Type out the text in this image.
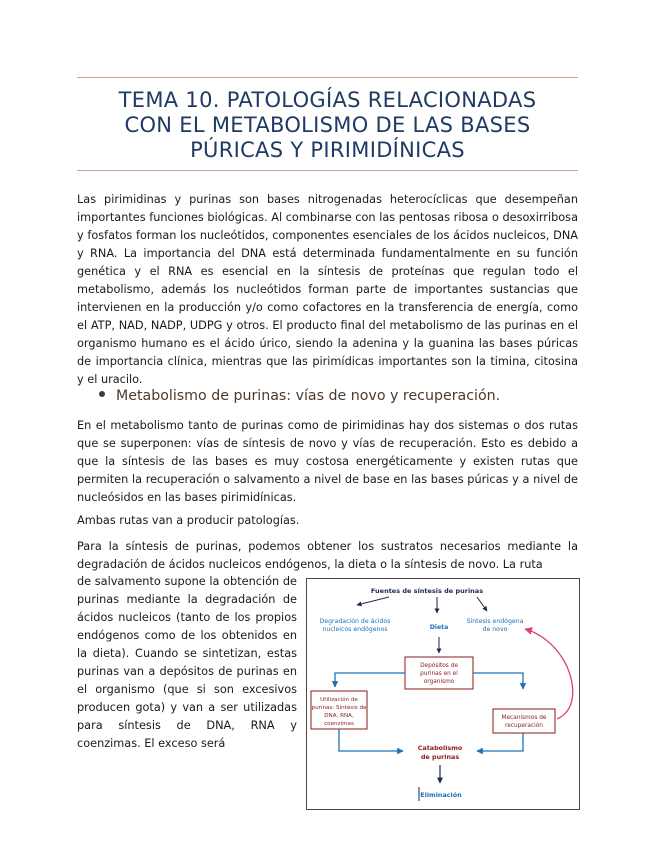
TEMA 10. PATOLOGÍAS RELACIONADAS
CON EL METABOLISMO DE LAS BASES
PÚRICAS Y PIRIMIDÍNICAS

Las pirimidinas y purinas son bases nitrogenadas heterocíclicas que desempeñan importantes funciones biológicas. Al combinarse con las pentosas ribosa o desoxirribosa y fosfatos forman los nucleótidos, componentes esenciales de los ácidos nucleicos, DNA y RNA. La importancia del DNA está determinada fundamentalmente en su función genética y el RNA es esencial en la síntesis de proteínas que regulan todo el metabolismo, además los nucleótidos forman parte de importantes sustancias que intervienen en la producción y/o como cofactores en la transferencia de energía, como el ATP, NAD, NADP, UDPG y otros. El producto final del metabolismo de las purinas en el organismo humano es el ácido úrico, siendo la adenina y la guanina las bases púricas de importancia clínica, mientras que las pirimídicas importantes son la timina, citosina y el uracilo.

Metabolismo de purinas: vías de novo y recuperación.

En el metabolismo tanto de purinas como de pirimidinas hay dos sistemas o dos rutas que se superponen: vías de síntesis de novo y vías de recuperación. Esto es debido a que la síntesis de las bases es muy costosa energéticamente y existen rutas que permiten la recuperación o salvamento a nivel de base en las bases púricas y a nivel de nucleósidos en las bases pirimidínicas.

Ambas rutas van a producir patologías.

Para la síntesis de purinas, podemos obtener los sustratos necesarios mediante la degradación de ácidos nucleicos endógenos, la dieta o la síntesis de novo. La ruta

de salvamento supone la obtención de purinas mediante la degradación de ácidos nucleicos (tanto de los propios endógenos como de los obtenidos en la dieta). Cuando se sintetizan, estas purinas van a depósitos de purinas en el organismo (que si son excesivos producen gota) y van a ser utilizadas para síntesis de DNA, RNA y coenzimas. El exceso será

Fuentes de síntesis de purinas
Degradación de ácidos
nucleicos endógenos	Dieta
Síntesis endógena
de novo
Depósitos de
purinas en el
organismo
Utilización de
purinas: Síntesis de
DNA, RNA,
coenzimas
Mecanismos de
recuperación
Catabolismo
de purinas
Eliminación
